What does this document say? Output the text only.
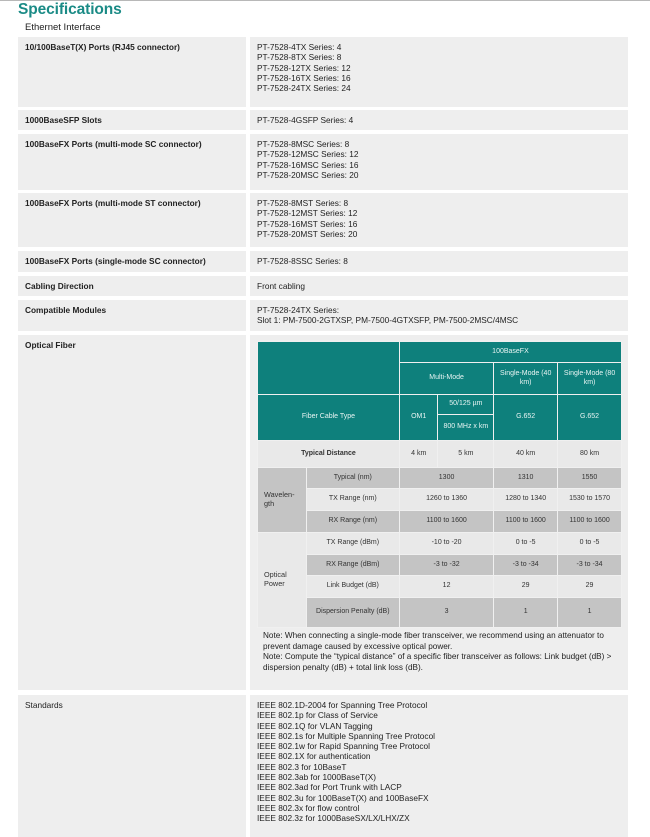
Specifications
Ethernet Interface
10/100BaseT(X) Ports (RJ45 connector)	PT-7528-4TX Series: 4
PT-7528-8TX Series: 8
PT-7528-12TX Series: 12
PT-7528-16TX Series: 16
PT-7528-24TX Series: 24
1000BaseSFP Slots	PT-7528-4GSFP Series: 4
100BaseFX Ports (multi-mode SC connector)	PT-7528-8MSC Series: 8
PT-7528-12MSC Series: 12
PT-7528-16MSC Series: 16
PT-7528-20MSC Series: 20
100BaseFX Ports (multi-mode ST connector)	PT-7528-8MST Series: 8
PT-7528-12MST Series: 12
PT-7528-16MST Series: 16
PT-7528-20MST Series: 20
100BaseFX Ports (single-mode SC connector)	PT-7528-8SSC Series: 8
Cabling Direction	Front cabling
Compatible Modules	PT-7528-24TX Series:
Slot 1: PM-7500-2GTXSP, PM-7500-4GTXSFP, PM-7500-2MSC/4MSC
Optical Fiber
		100BaseFX			
		Multi-Mode		Single-Mode (40 km)	Single-Mode (80 km)
Fiber Cable Type		OM1	50/125 µm	G.652	G.652
			800 MHz x km		
Typical Distance		4 km	5 km	40 km	80 km
Wavelen-gth	Typical (nm)	1300		1310	1550
	TX Range (nm)	1260 to 1360		1280 to 1340	1530 to 1570
	RX Range (nm)	1100 to 1600		1100 to 1600	1100 to 1600
Optical Power	TX Range (dBm)	-10 to -20		0 to -5	0 to -5
	RX Range (dBm)	-3 to -32		-3 to -34	-3 to -34
	Link Budget (dB)	12		29	29
	Dispersion Penalty (dB)	3		1	1
Note: When connecting a single-mode fiber transceiver, we recommend using an attenuator to prevent damage caused by excessive optical power.
Note: Compute the “typical distance” of a specific fiber transceiver as follows: Link budget (dB) > dispersion penalty (dB) + total link loss (dB).
Standards	IEEE 802.1D-2004 for Spanning Tree Protocol
IEEE 802.1p for Class of Service
IEEE 802.1Q for VLAN Tagging
IEEE 802.1s for Multiple Spanning Tree Protocol
IEEE 802.1w for Rapid Spanning Tree Protocol
IEEE 802.1X for authentication
IEEE 802.3 for 10BaseT
IEEE 802.3ab for 1000BaseT(X)
IEEE 802.3ad for Port Trunk with LACP
IEEE 802.3u for 100BaseT(X) and 100BaseFX
IEEE 802.3x for flow control
IEEE 802.3z for 1000BaseSX/LX/LHX/ZX
